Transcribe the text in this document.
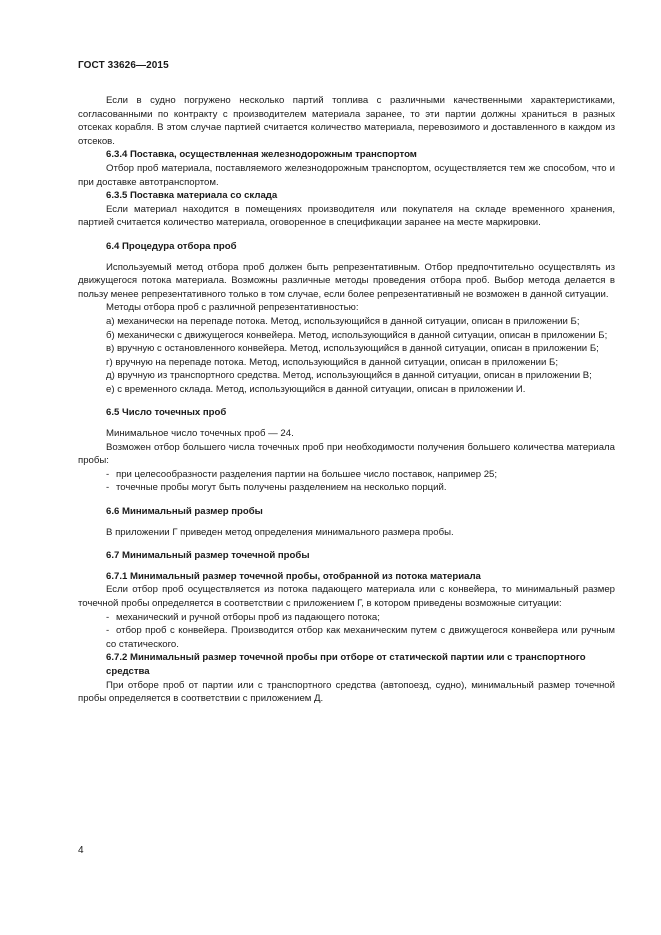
ГОСТ 33626—2015

Если в судно погружено несколько партий топлива с различными качественными характеристиками, согласованными по контракту с производителем материала заранее, то эти партии должны храниться в разных отсеках корабля. В этом случае партией считается количество материала, перевозимого и доставленного в каждом из отсеков.

6.3.4 Поставка, осуществленная железнодорожным транспортом

Отбор проб материала, поставляемого железнодорожным транспортом, осуществляется тем же способом, что и при доставке автотранспортом.

6.3.5 Поставка материала со склада

Если материал находится в помещениях производителя или покупателя на складе временного хранения, партией считается количество материала, оговоренное в спецификации заранее на месте маркировки.

6.4 Процедура отбора проб

Используемый метод отбора проб должен быть репрезентативным. Отбор предпочтительно осуществлять из движущегося потока материала. Возможны различные методы проведения отбора проб. Выбор метода делается в пользу менее репрезентативного только в том случае, если более репрезентативный не возможен в данной ситуации.

Методы отбора проб с различной репрезентативностью:

а) механически на перепаде потока. Метод, использующийся в данной ситуации, описан в приложении Б;

б) механически с движущегося конвейера. Метод, использующийся в данной ситуации, описан в приложении Б;

в) вручную с остановленного конвейера. Метод, использующийся в данной ситуации, описан в приложении Б;

г) вручную на перепаде потока. Метод, использующийся в данной ситуации, описан в приложении Б;

д) вручную из транспортного средства. Метод, использующийся в данной ситуации, описан в приложении В;

е) с временного склада. Метод, использующийся в данной ситуации, описан в приложении И.

6.5 Число точечных проб

Минимальное число точечных проб — 24.

Возможен отбор большего числа точечных проб при необходимости получения большего количества материала пробы:

- при целесообразности разделения партии на большее число поставок, например 25;

- точечные пробы могут быть получены разделением на несколько порций.

6.6 Минимальный размер пробы

В приложении Г приведен метод определения минимального размера пробы.

6.7 Минимальный размер точечной пробы

6.7.1 Минимальный размер точечной пробы, отобранной из потока материала

Если отбор проб осуществляется из потока падающего материала или с конвейера, то минимальный размер точечной пробы определяется в соответствии с приложением Г, в котором приведены возможные ситуации:

- механический и ручной отборы проб из падающего потока;

- отбор проб с конвейера. Производится отбор как механическим путем с движущегося конвейера или ручным со статического.

6.7.2 Минимальный размер точечной пробы при отборе от статической партии или с транспортного средства

При отборе проб от партии или с транспортного средства (автопоезд, судно), минимальный размер точечной пробы определяется в соответствии с приложением Д.

4
